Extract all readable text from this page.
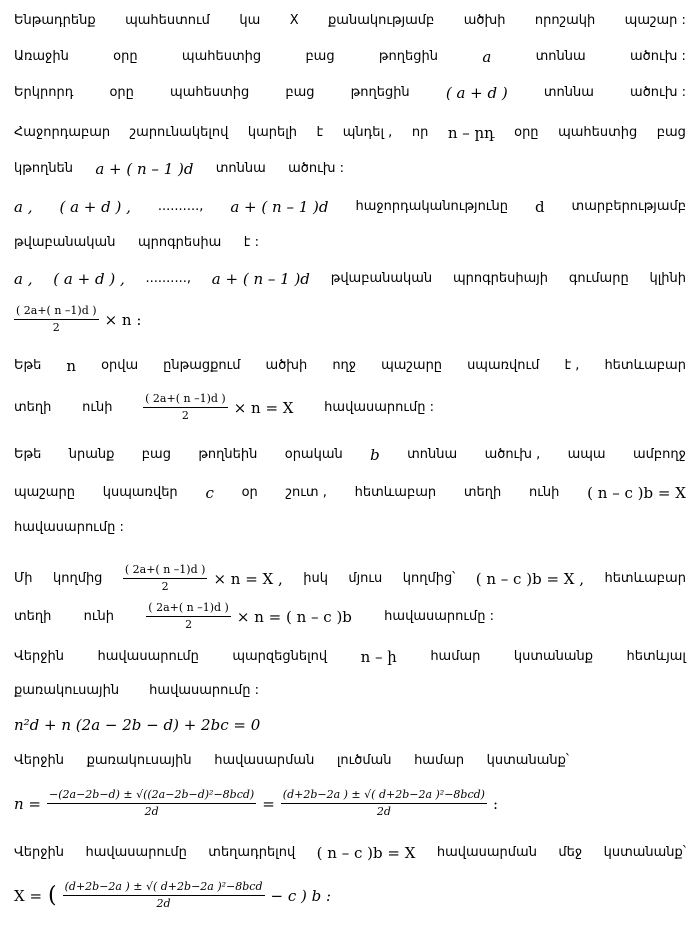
Ենթադրենք պահեստում կա X քանակությամբ ածխի որոշակի պաշար :
Առաջին	օրը	պահեստից	բաց	թողեցին	a	տոննա	ածուխ :
Երկրորդ	օրը	պահեստից	բաց	թողեցին ( a + d )	տոննա	ածուխ :
Հաջորդաբար շարունակելով կարելի է պնդել , որ n – րդ օրը պահեստից բաց
կթողնեն a + ( n – 1 )d տոննա ածուխ :
a , ( a + d ) , .........., a + ( n – 1 )d հաջորդականությունը d տարբերությամբ
թվաբանական պրոգրեսիա է :
a , ( a + d ) , .........., a + ( n – 1 )d թվաբանական պրոգրեսիայի գումարը կլինի
$\frac{( 2a+( n -1)d )}{2} \times n$ :
Եթե n օրվա ընթացքում ածխի ողջ պաշարը սպառվում է , հետևաբար
տեղի ունի	$\frac{( 2a+( n -1)d )}{2} \times n = X$ հավասարումը :
Եթե նրանք բաց թողնեին օրական b տոննա ածուխ , ապա ամբողջ
պաշարը կսպառվեր c օր շուտ , հետևաբար տեղի ունի ( n – c )b = X
հավասարումը :
Մի կողմից $\frac{( 2a+( n -1)d )}{2} \times n = X$ , իսկ մյուս կողմից՝ ( n – c )b = X , հետևաբար
տեղի ունի	$\frac{( 2a+( n -1)d )}{2} \times n$ = ( n – c )b հավասարումը :
Վերջին	հավասարումը	պարզեցնելով n – ի	համար	կստանանք	հետևյալ
քառակուսային հավասարումը :
n²d + n (2a − 2b − d) + 2bc = 0
Վերջին քառակուսային հավասարման լուծման համար կստանանք՝
$n = \frac{\text{−(2a−2b−d) ± √((2a−2b−d)²−8bcd)}}{2d} = \frac{\text{(d+2b−2a ) ± √( d+2b−2a )²−8bcd)}}{2d}$ :
Վերջին հավասարումը տեղադրելով ( n – c )b = X հավասարման մեջ կստանանք՝
X = ( $\frac{\text{(d+2b−2a ) ± √( d+2b−2a )²−8bcd}}{2d} - c$ ) b :
